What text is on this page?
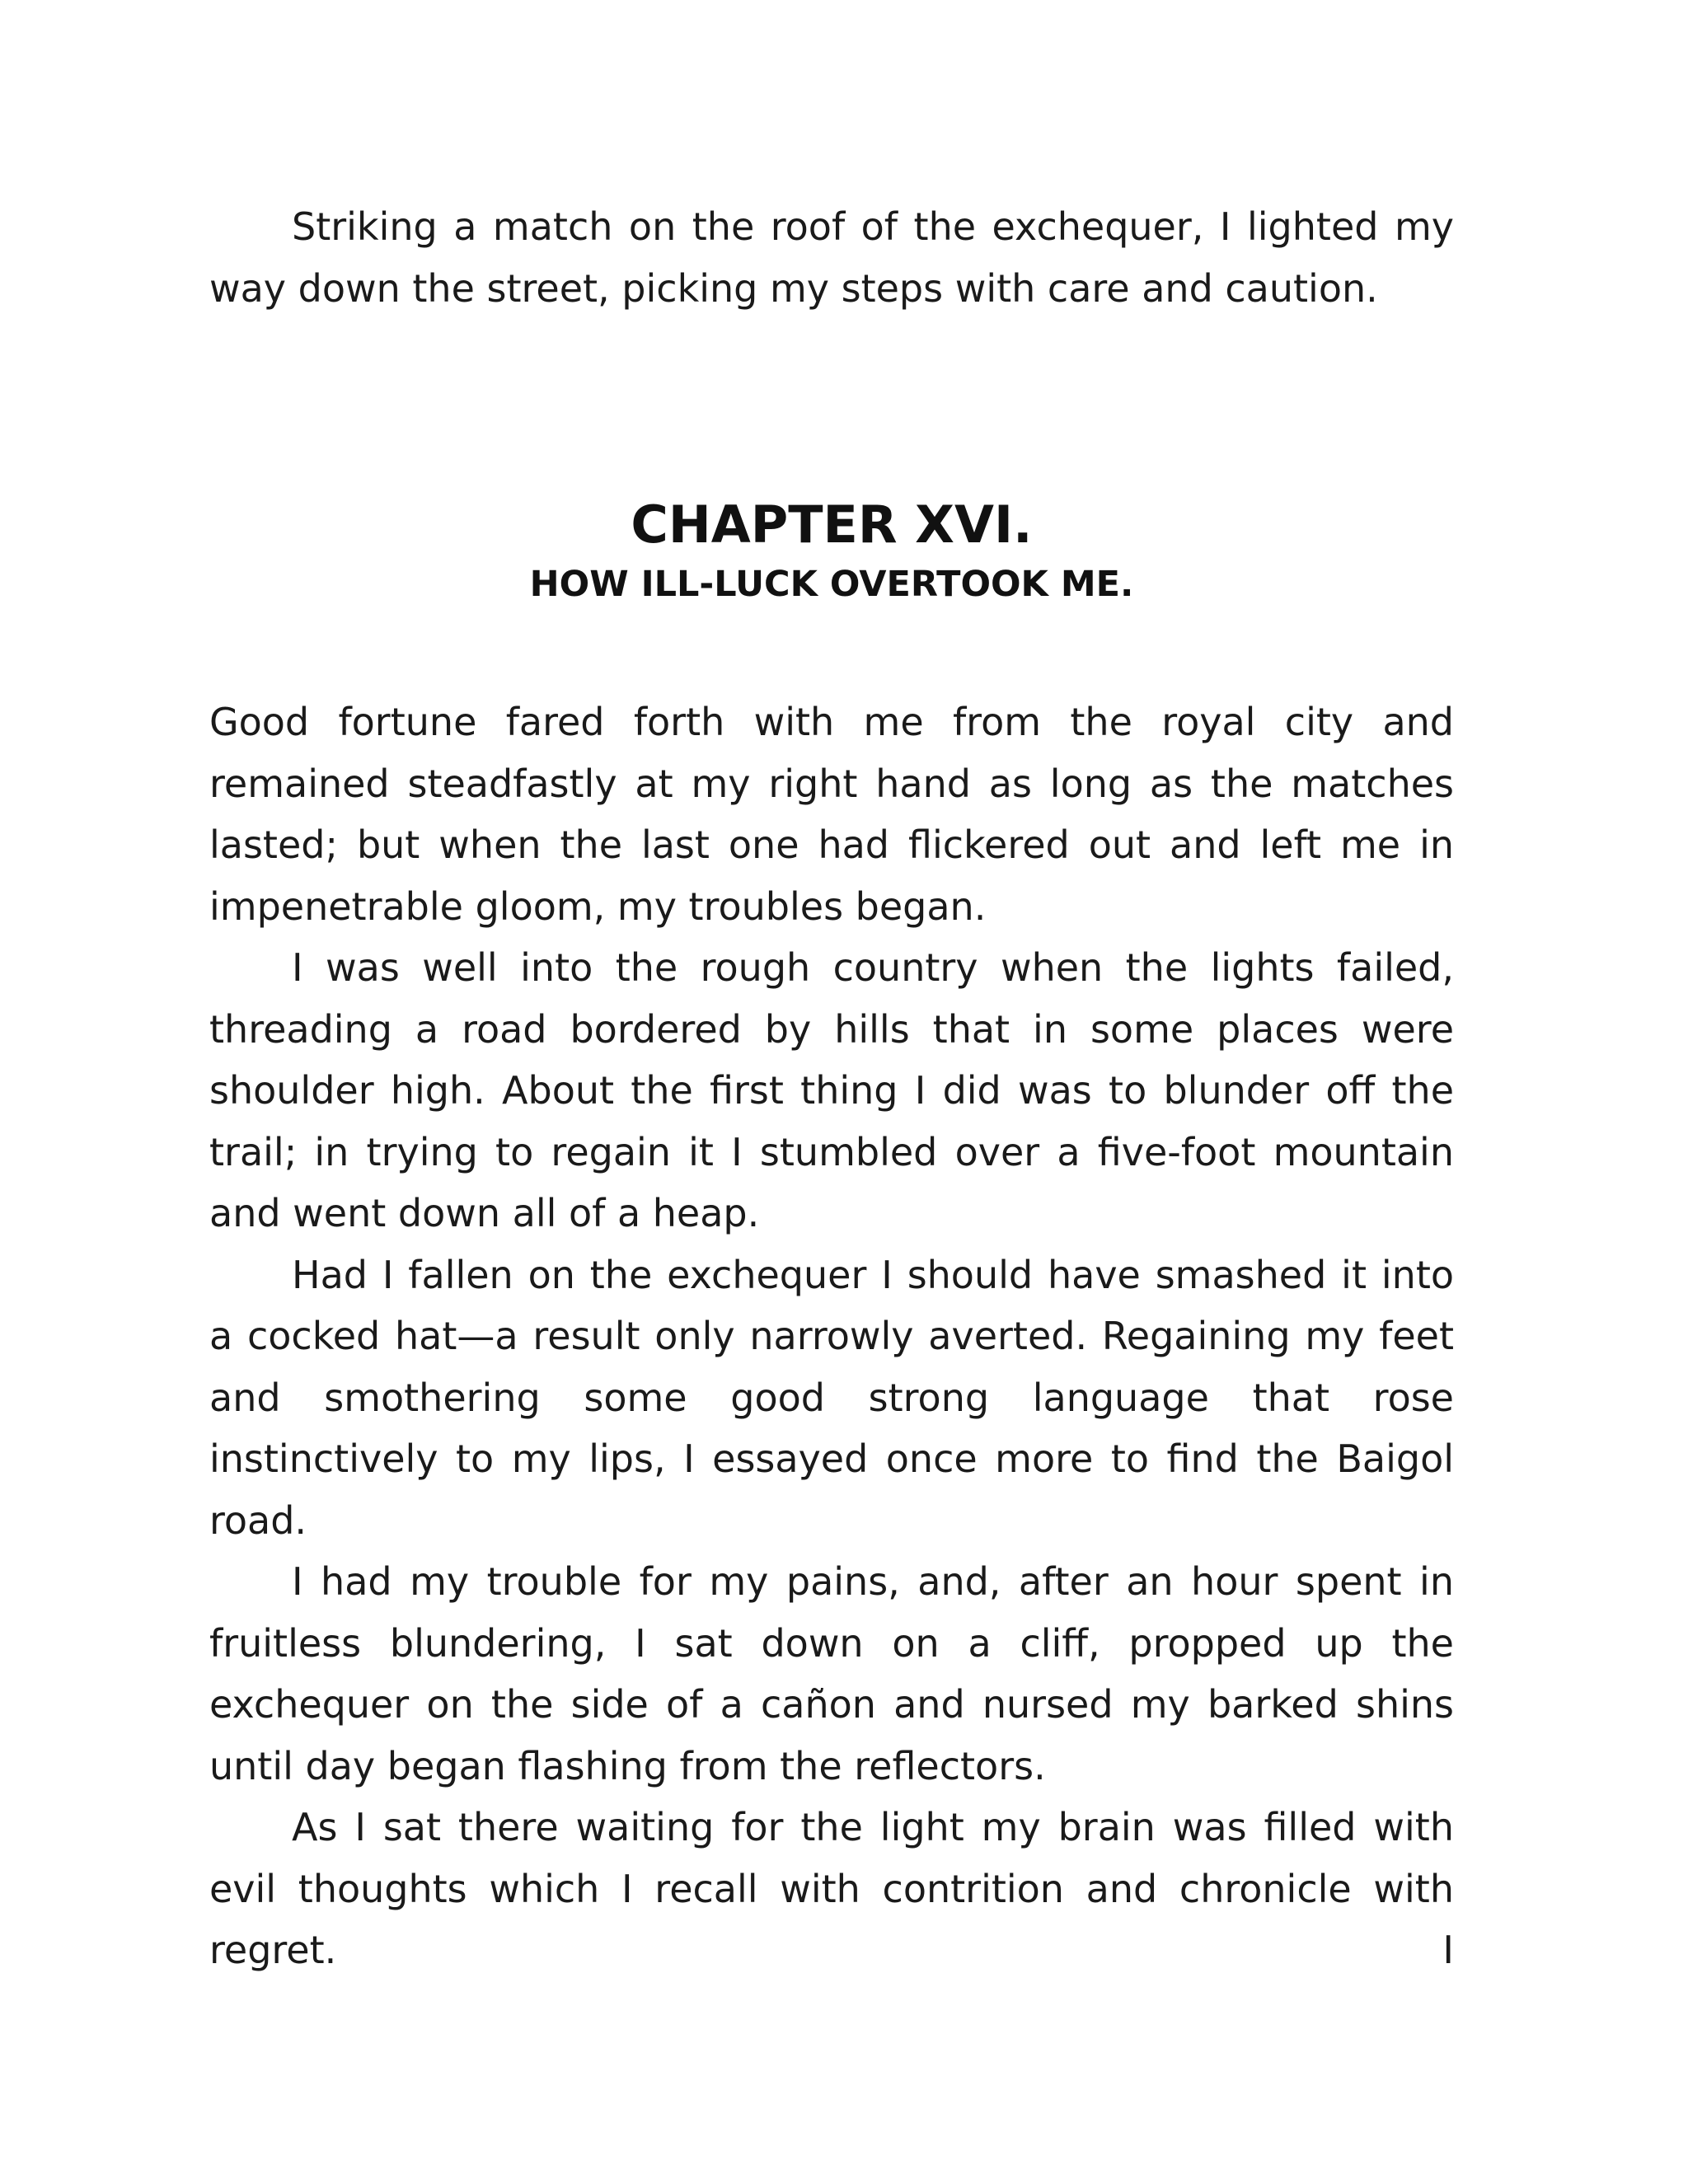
Striking a match on the roof of the exchequer, I lighted my way down the street, picking my steps with care and caution.

CHAPTER XVI.
HOW ILL-LUCK OVERTOOK ME.

Good fortune fared forth with me from the royal city and remained steadfastly at my right hand as long as the matches lasted; but when the last one had flickered out and left me in impenetrable gloom, my troubles began.

I was well into the rough country when the lights failed, threading a road bordered by hills that in some places were shoulder high. About the first thing I did was to blunder off the trail; in trying to regain it I stumbled over a five-foot mountain and went down all of a heap.

Had I fallen on the exchequer I should have smashed it into a cocked hat—a result only narrowly averted. Regaining my feet and smothering some good strong language that rose instinctively to my lips, I essayed once more to find the Baigol road.

I had my trouble for my pains, and, after an hour spent in fruitless blundering, I sat down on a cliff, propped up the exchequer on the side of a cañon and nursed my barked shins until day began flashing from the reflectors.

As I sat there waiting for the light my brain was filled with evil thoughts which I recall with contrition and chronicle with regret. I
